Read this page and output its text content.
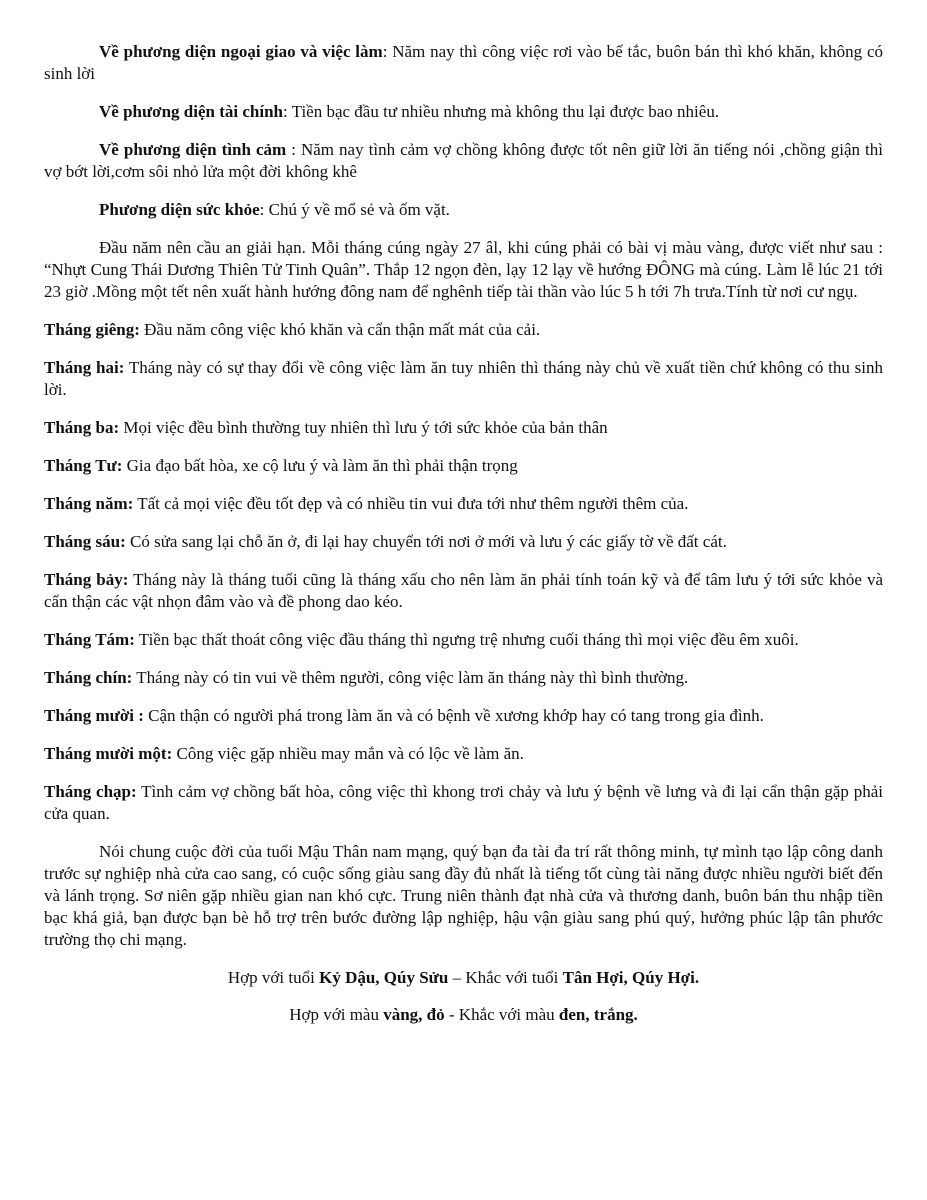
Về phương diện ngoại giao và việc làm: Năm nay thì công việc rơi vào bế tắc, buôn bán thì khó khăn, không có sinh lời

Về phương diện tài chính: Tiền bạc đầu tư nhiều nhưng mà không thu lại được bao nhiêu.

Về phương diện tình cảm : Năm nay tình cảm vợ chồng không được tốt nên giữ lời ăn tiếng nói ,chồng giận thì vợ bớt lời,cơm sôi nhỏ lửa một đời không khê

Phương diện sức khỏe: Chú ý về mổ sẻ và ốm vặt.

Đầu năm nên cầu an giải hạn. Mỗi tháng cúng ngày 27 âl, khi cúng phải có bài vị màu vàng, được viết như sau : “Nhựt Cung Thái Dương Thiên Tử Tinh Quân”. Thắp 12 ngọn đèn, lạy 12 lạy về hướng ĐÔNG mà cúng. Làm lễ lúc 21 tới 23 giờ .Mồng một tết nên xuất hành hướng đông nam để nghênh tiếp tài thần vào lúc 5 h tới 7h trưa.Tính từ nơi cư ngụ.

Tháng giêng: Đầu năm công việc khó khăn và cẩn thận mất mát của cải.

Tháng hai: Tháng này có sự thay đổi về công việc làm ăn tuy nhiên thì tháng này chủ về xuất tiền chứ không có thu sinh lời.

Tháng ba: Mọi việc đều bình thường tuy nhiên thì lưu ý tới sức khỏe của bản thân

Tháng Tư: Gia đạo bất hòa, xe cộ lưu ý và làm ăn thì phải thận trọng

Tháng năm: Tất cả mọi việc đều tốt đẹp và có nhiều tin vui đưa tới như thêm người thêm của.

Tháng sáu: Có sửa sang lại chỗ ăn ở, đi lại hay chuyển tới nơi ở mới và lưu ý các giấy tờ về đất cát.

Tháng bảy: Tháng này là tháng tuổi cũng là tháng xấu cho nên làm ăn phải tính toán kỹ và để tâm lưu ý tới sức khỏe và cẩn thận các vật nhọn đâm vào và đề phong dao kéo.

Tháng Tám: Tiền bạc thất thoát công việc đầu tháng thì ngưng trệ nhưng cuối tháng thì mọi việc đều êm xuôi.

Tháng chín: Tháng này có tin vui về thêm người, công việc làm ăn tháng này thì bình thường.

Tháng mười : Cận thận có người phá trong làm ăn và có bệnh về xương khớp hay có tang trong gia đình.

Tháng mười một: Công việc gặp nhiều may mắn và có lộc về làm ăn.

Tháng chạp: Tình cảm vợ chồng bất hòa, công việc thì khong trơi chảy và lưu ý bệnh về lưng và đi lại cẩn thận gặp phải cửa quan.

Nói chung cuộc đời của tuổi Mậu Thân nam mạng, quý bạn đa tài đa trí rất thông minh, tự mình tạo lập công danh trước sự nghiệp nhà cửa cao sang, có cuộc sống giàu sang đầy đủ nhất là tiếng tốt cùng tài năng được nhiều người biết đến và lánh trọng. Sơ niên gặp nhiều gian nan khó cực. Trung niên thành đạt nhà cửa và thương danh, buôn bán thu nhập tiền bạc khá giả, bạn được bạn bè hỗ trợ trên bước đường lập nghiệp, hậu vận giàu sang phú quý, hưởng phúc lập tân phước trường thọ chi mạng.

Hợp với tuổi Kỷ Dậu, Qúy Sửu – Khắc với tuổi Tân Hợi, Qúy Hợi.

Hợp với màu vàng, đỏ - Khắc với màu đen, trắng.
